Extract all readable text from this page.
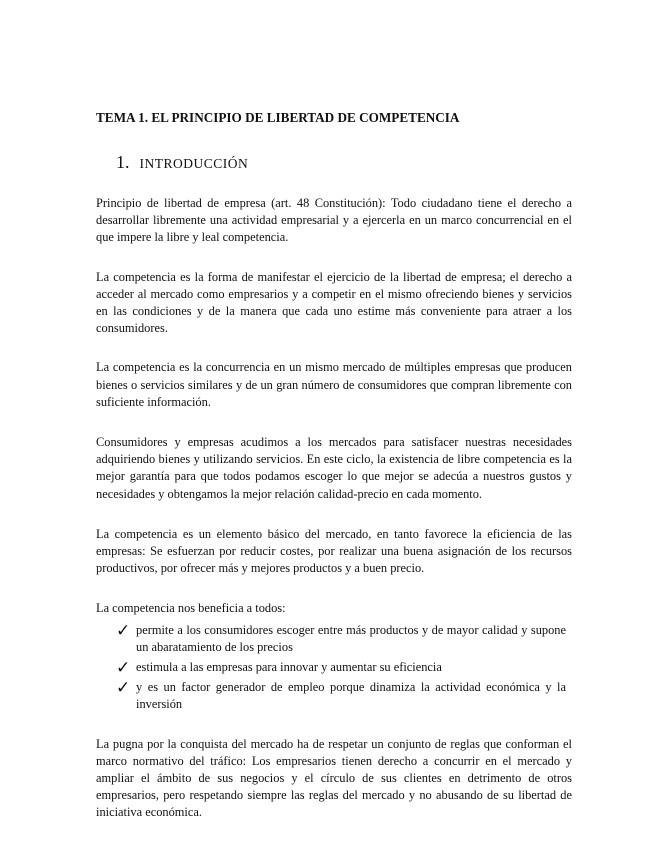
TEMA 1. EL PRINCIPIO DE LIBERTAD DE COMPETENCIA
1. INTRODUCCIÓN

Principio de libertad de empresa (art. 48 Constitución): Todo ciudadano tiene el derecho a desarrollar libremente una actividad empresarial y a ejercerla en un marco concurrencial en el que impere la libre y leal competencia.

La competencia es la forma de manifestar el ejercicio de la libertad de empresa; el derecho a acceder al mercado como empresarios y a competir en el mismo ofreciendo bienes y servicios en las condiciones y de la manera que cada uno estime más conveniente para atraer a los consumidores.

La competencia es la concurrencia en un mismo mercado de múltiples empresas que producen bienes o servicios similares y de un gran número de consumidores que compran libremente con suficiente información.

Consumidores y empresas acudimos a los mercados para satisfacer nuestras necesidades adquiriendo bienes y utilizando servicios. En este ciclo, la existencia de libre competencia es la mejor garantía para que todos podamos escoger lo que mejor se adecúa a nuestros gustos y necesidades y obtengamos la mejor relación calidad-precio en cada momento.

La competencia es un elemento básico del mercado, en tanto favorece la eficiencia de las empresas: Se esfuerzan por reducir costes, por realizar una buena asignación de los recursos productivos, por ofrecer más y mejores productos y a buen precio.

La competencia nos beneficia a todos:

✓ permite a los consumidores escoger entre más productos y de mayor calidad y supone un abaratamiento de los precios
✓ estimula a las empresas para innovar y aumentar su eficiencia
✓ y es un factor generador de empleo porque dinamiza la actividad económica y la inversión

La pugna por la conquista del mercado ha de respetar un conjunto de reglas que conforman el marco normativo del tráfico: Los empresarios tienen derecho a concurrir en el mercado y ampliar el ámbito de sus negocios y el círculo de sus clientes en detrimento de otros empresarios, pero respetando siempre las reglas del mercado y no abusando de su libertad de iniciativa económica.
